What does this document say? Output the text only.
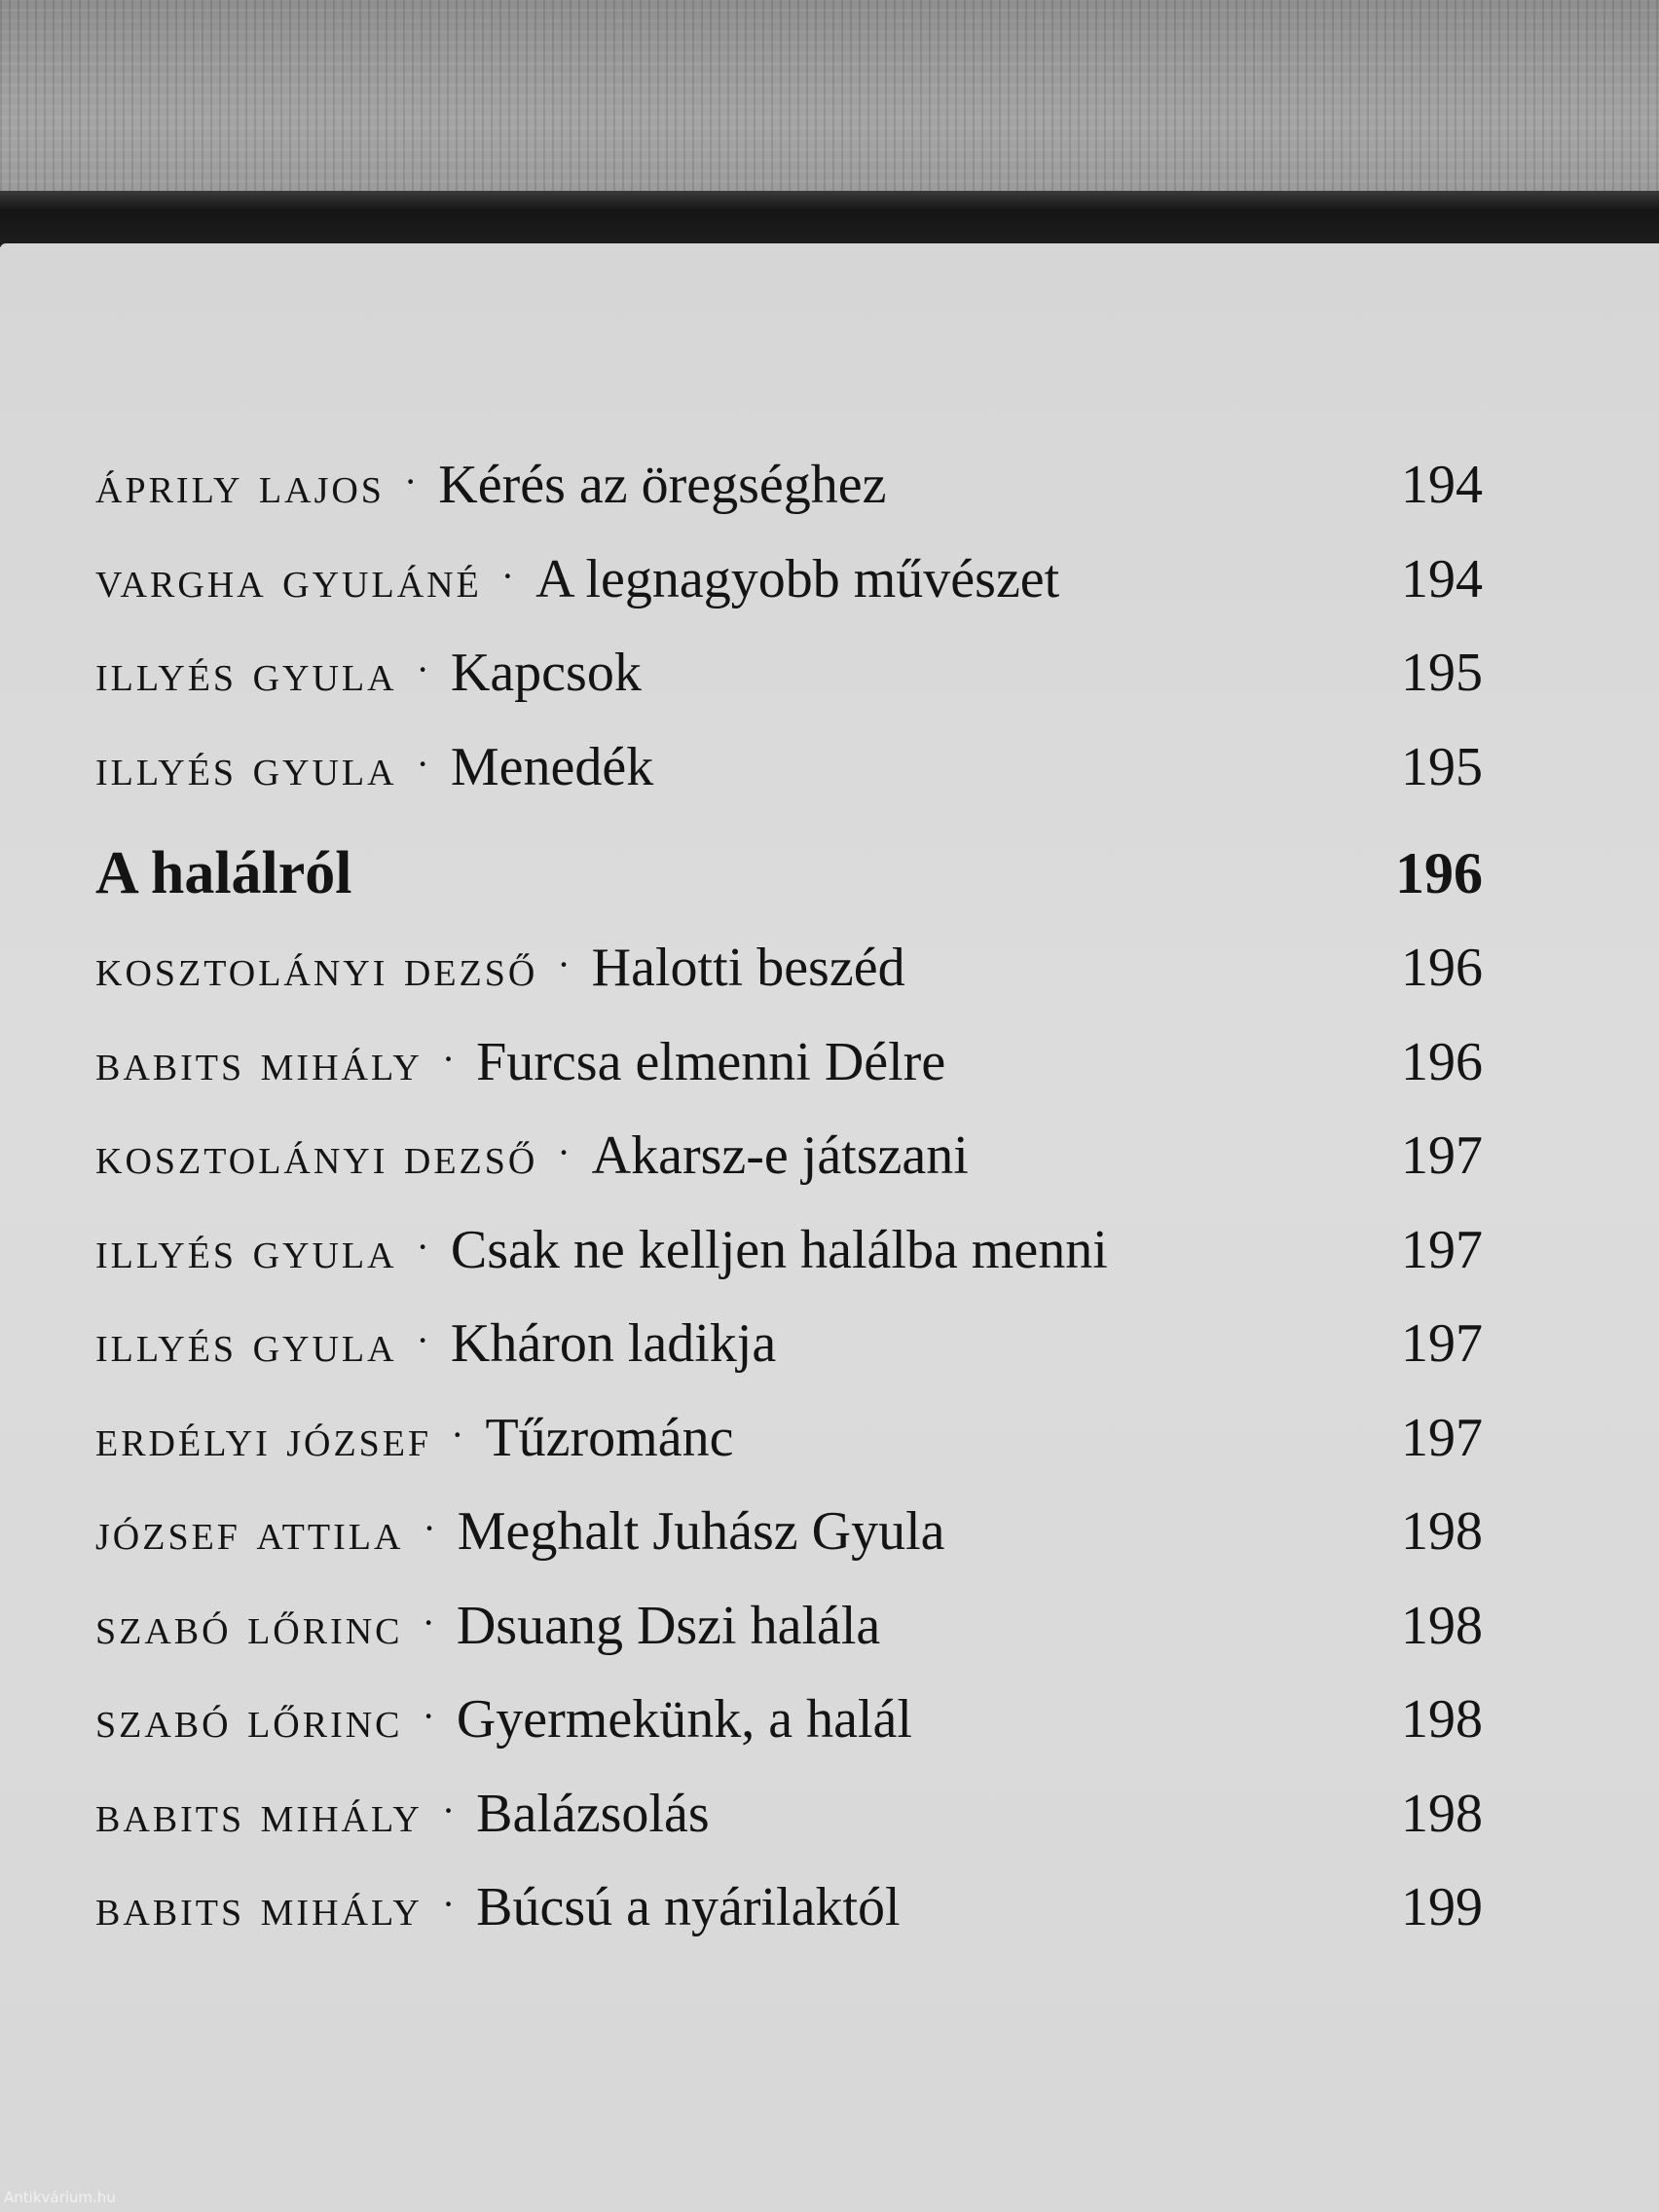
áprily lajos · Kérés az öregséghez	194
vargha gyuláné · A legnagyobb művészet	194
illyés gyula · Kapcsok	195
illyés gyula · Menedék	195
A halálról	196
kosztolányi dezső · Halotti beszéd	196
babits mihály · Furcsa elmenni Délre	196
kosztolányi dezső · Akarsz-e játszani	197
illyés gyula · Csak ne kelljen halálba menni	197
illyés gyula · Kháron ladikja	197
erdélyi józsef · Tűzrománc	197
józsef attila · Meghalt Juhász Gyula	198
szabó lőrinc · Dsuang Dszi halála	198
szabó lőrinc · Gyermekünk, a halál	198
babits mihály · Balázsolás	198
babits mihály · Búcsú a nyárilaktól	199
Antikvárium.hu
